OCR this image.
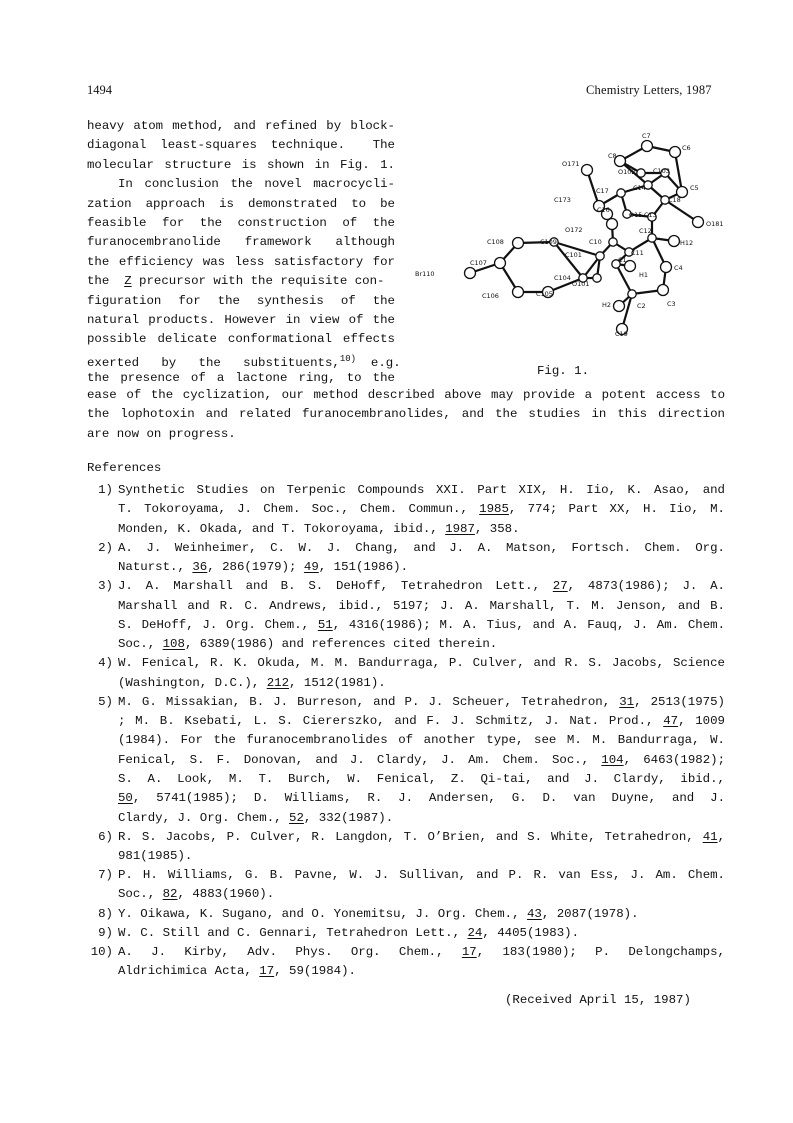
1494	Chemistry Letters, 1987
heavy atom method, and refined by block-
diagonal least-squares technique.  The
molecular structure is shown in Fig. 1.
In conclusion the novel macrocycli-
zation approach is demonstrated to be
feasible for the construction of the
furanocembranolide framework although
the efficiency was less satisfactory for
the  Z precursor with the requisite con-
figuration for the synthesis of the
natural products. However in view of the
possible delicate conformational effects
exerted   by   the   substituents,$^{10)}$  e.g.
the presence of a lactone ring, to the
ease of the cyclization, our method described above may provide a potent access to
the lophotoxin and related furanocembranolides, and the studies in this direction
are now on progress.
C7
C6
C8
O102	C103
O171
C5
C14
C17
C18
C173
O15 C13
O181
C16
C12
H12
O172
C108	C109	C10
C11
C101
C1
Br110
C107
C104
O101
H1
C4
C106	C105
H2	C2	C3
C19
Fig. 1.
References
1) Synthetic Studies on Terpenic Compounds XXI. Part XIX, H. Iio, K. Asao, and
T. Tokoroyama, J. Chem. Soc., Chem. Commun., 1985, 774; Part XX, H. Iio, M.
Monden, K. Okada, and T. Tokoroyama, ibid., 1987, 358.
2) A. J. Weinheimer, C. W. J. Chang, and J. A. Matson, Fortsch. Chem. Org.
Naturst., 36, 286(1979); 49, 151(1986).
3) J. A. Marshall and B. S. DeHoff, Tetrahedron Lett., 27, 4873(1986); J. A.
Marshall and R. C. Andrews, ibid., 5197; J. A. Marshall, T. M. Jenson, and B.
S. DeHoff, J. Org. Chem., 51, 4316(1986); M. A. Tius, and A. Fauq, J. Am. Chem.
Soc., 108, 6389(1986) and references cited therein.
4) W. Fenical, R. K. Okuda, M. M. Bandurraga, P. Culver, and R. S. Jacobs, Science
(Washington, D.C.), 212, 1512(1981).
5) M. G. Missakian, B. J. Burreson, and P. J. Scheuer, Tetrahedron, 31, 2513(1975)
; M. B. Ksebati, L. S. Ciererszko, and F. J. Schmitz, J. Nat. Prod., 47, 1009
(1984). For the furanocembranolides of another type, see M. M. Bandurraga, W.
Fenical, S. F. Donovan, and J. Clardy, J. Am. Chem. Soc., 104, 6463(1982);
S. A. Look, M. T. Burch, W. Fenical, Z. Qi-tai, and J. Clardy, ibid.,
50, 5741(1985); D. Williams, R. J. Andersen, G. D. van Duyne, and J.
Clardy, J. Org. Chem., 52, 332(1987).
6) R. S. Jacobs, P. Culver, R. Langdon, T. O’Brien, and S. White, Tetrahedron, 41,
981(1985).
7) P. H. Williams, G. B. Pavne, W. J. Sullivan, and P. R. van Ess, J. Am. Chem.
Soc., 82, 4883(1960).
8) Y. Oikawa, K. Sugano, and O. Yonemitsu, J. Org. Chem., 43, 2087(1978).
9) W. C. Still and C. Gennari, Tetrahedron Lett., 24, 4405(1983).
10) A. J. Kirby, Adv. Phys. Org. Chem., 17, 183(1980); P. Delongchamps,
Aldrichimica Acta, 17, 59(1984).
(Received April 15, 1987)
